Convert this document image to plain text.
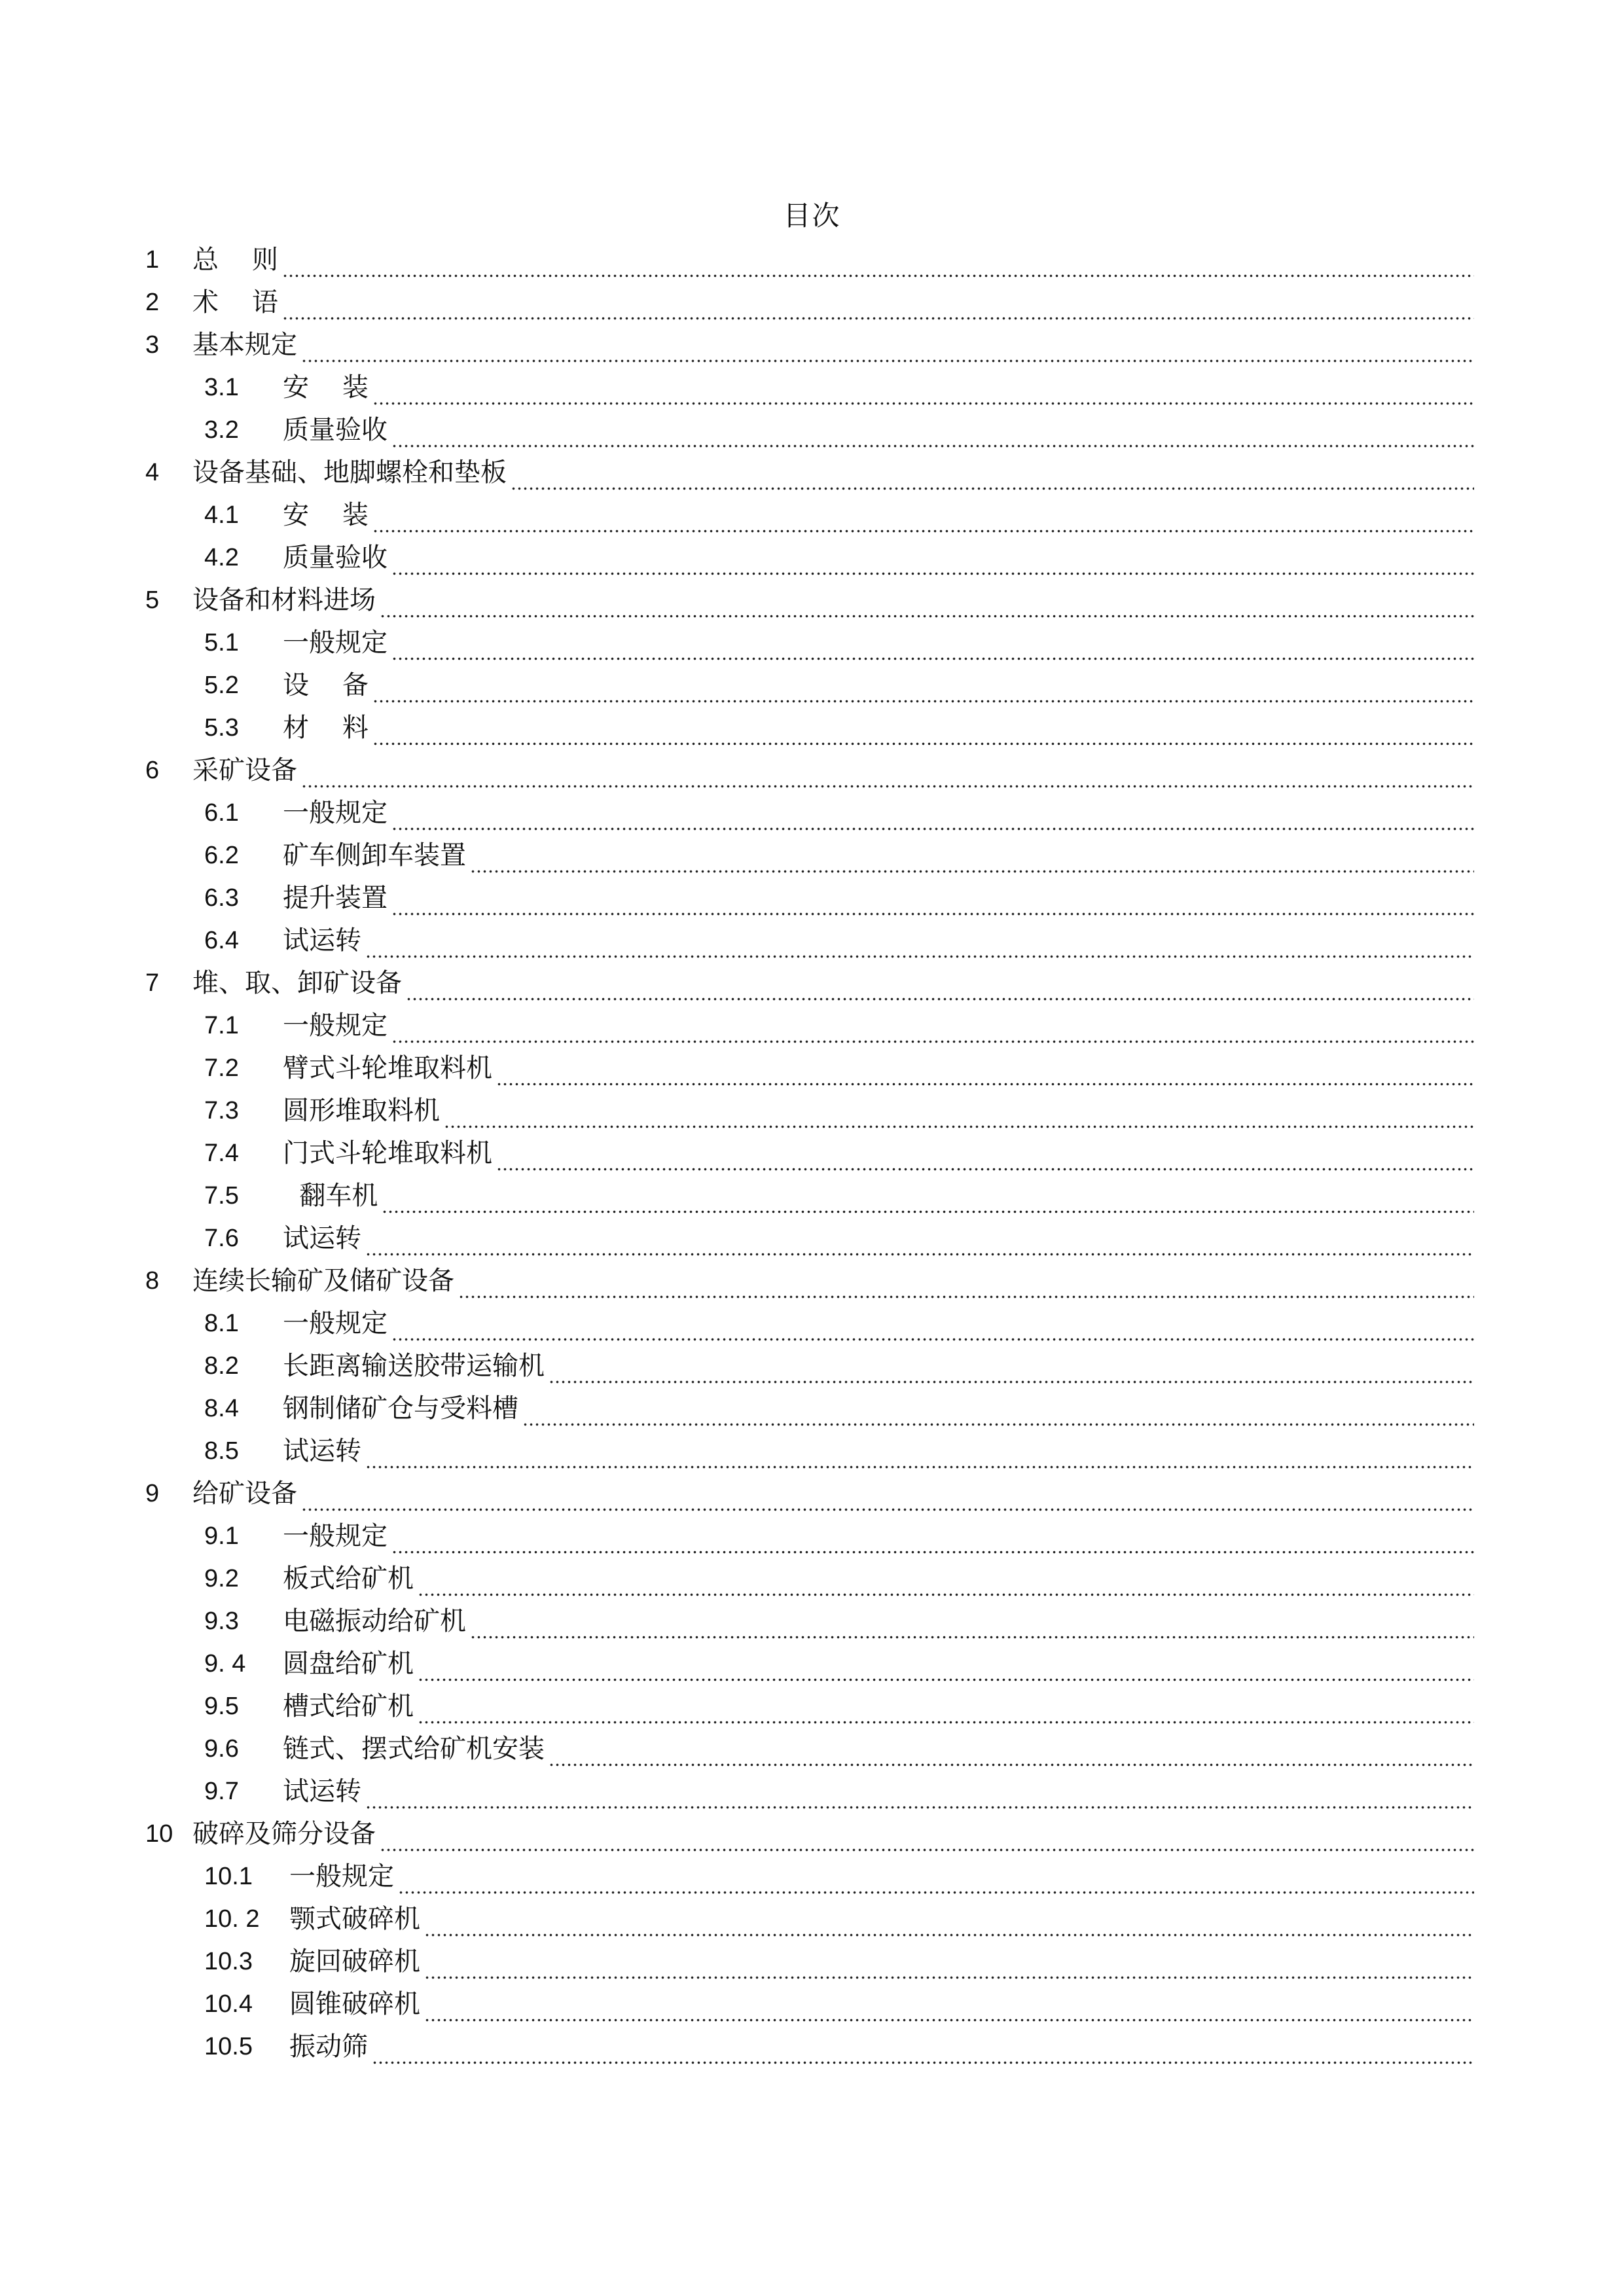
目次
1	总    则
2	术    语
3	基本规定
3.1	安    装
3.2	质量验收
4	设备基础、地脚螺栓和垫板
4.1	安    装
4.2	质量验收
5	设备和材料进场
5.1	一般规定
5.2	设    备
5.3	材    料
6	采矿设备
6.1	一般规定
6.2	矿车侧卸车装置
6.3	提升装置
6.4	试运转
7	堆、取、卸矿设备
7.1	一般规定
7.2	臂式斗轮堆取料机
7.3	圆形堆取料机
7.4	门式斗轮堆取料机
7.5	翻车机
7.6	试运转
8	连续长输矿及储矿设备
8.1	一般规定
8.2	长距离输送胶带运输机
8.4	钢制储矿仓与受料槽
8.5	试运转
9	给矿设备
9.1	一般规定
9.2	板式给矿机
9.3	电磁振动给矿机
9. 4	圆盘给矿机
9.5	槽式给矿机
9.6	链式、摆式给矿机安装
9.7	试运转
10 破碎及筛分设备
10.1	一般规定
10. 2	颚式破碎机
10.3	旋回破碎机
10.4	圆锥破碎机
10.5	振动筛
